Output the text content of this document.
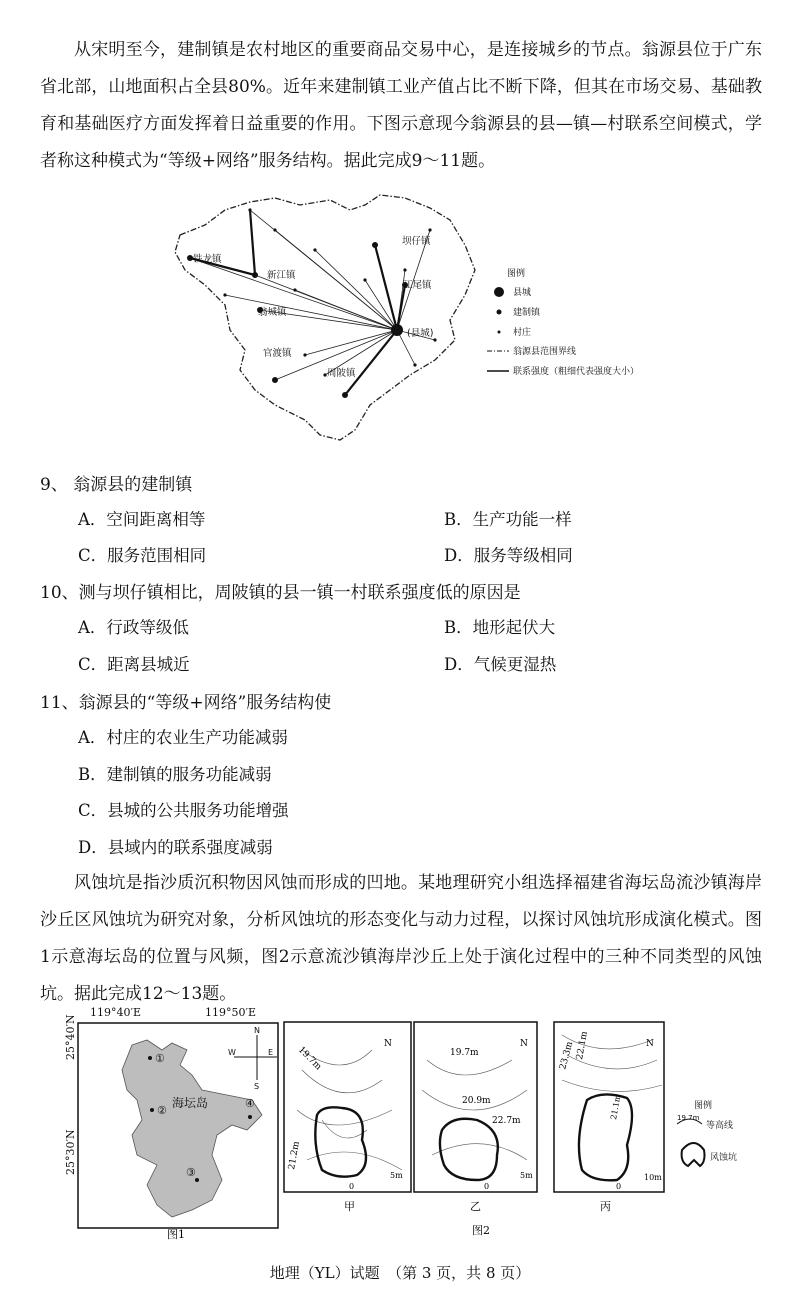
从宋明至今，建制镇是农村地区的重要商品交易中心，是连接城乡的节点。翁源县位于广东省北部，山地面积占全县80%。近年来建制镇工业产值占比不断下降，但其在市场交易、基础教育和基础医疗方面发挥着日益重要的作用。下图示意现今翁源县的县—镇—村联系空间模式，学者称这种模式为“等级+网络”服务结构。据此完成9～11题。

坝仔镇
铁龙镇
新江镇
江尾镇
翁城镇
(县城)
官渡镇
周陂镇
图例
县城
建制镇
村庄
翁源县范围界线
联系强度（粗细代表强度大小）
9、 翁源县的建制镇
A．空间距离相等	B．生产功能一样
C．服务范围相同	D．服务等级相同
10、测与坝仔镇相比，周陂镇的县一镇一村联系强度低的原因是
A．行政等级低	B．地形起伏大
C．距离县城近	D．气候更湿热
11、翁源县的“等级+网络”服务结构使
A．村庄的农业生产功能减弱
B．建制镇的服务功能减弱
C．县城的公共服务功能增强
D．县域内的联系强度减弱

风蚀坑是指沙质沉积物因风蚀而形成的凹地。某地理研究小组选择福建省海坛岛流沙镇海岸沙丘区风蚀坑为研究对象，分析风蚀坑的形态变化与动力过程，以探讨风蚀坑形成演化模式。图1示意海坛岛的位置与风频，图2示意流沙镇海岸沙丘上处于演化过程中的三种不同类型的风蚀坑。据此完成12～13题。

119°40′E	119°50′E
25°40′N
25°30′N
①
②
③
④
海坛岛
N
E
S
W
图1
19.7m
21.2m
0
5m
N
甲
19.7m
20.9m
22.7m
0
5m
N
乙
23.3m 22.1m
21.1m
0
10m
N
丙
图例
19.7m
等高线
风蚀坑
图2
地理（YL）试题　（第 3 页，共 8 页）
